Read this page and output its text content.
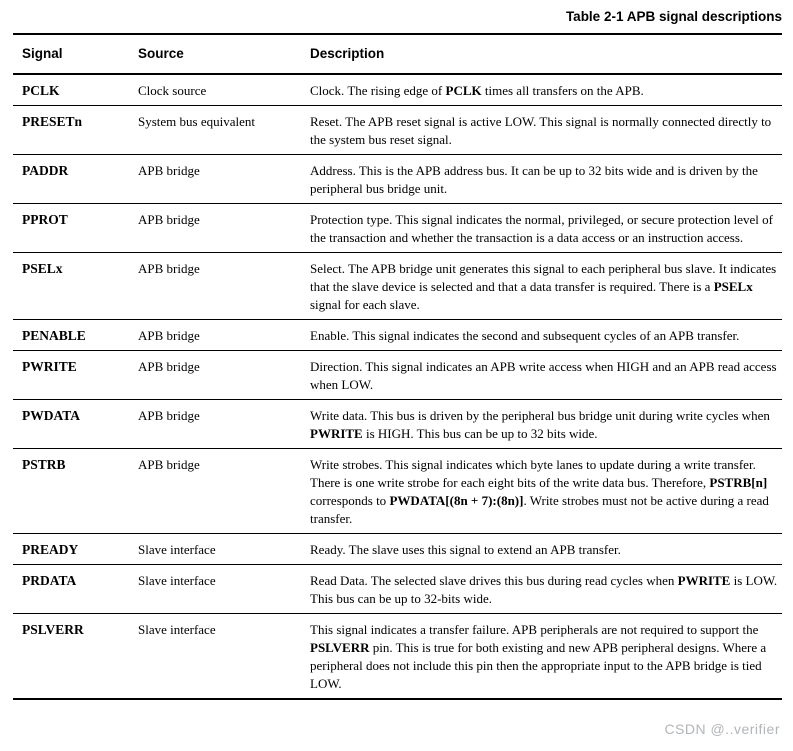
Table 2-1 APB signal descriptions
Signal	Source	Description
PCLK	Clock source	Clock. The rising edge of PCLK times all transfers on the APB.
PRESETn	System bus equivalent	Reset. The APB reset signal is active LOW. This signal is normally connected directly to the system bus reset signal.
PADDR	APB bridge	Address. This is the APB address bus. It can be up to 32 bits wide and is driven by the peripheral bus bridge unit.
PPROT	APB bridge	Protection type. This signal indicates the normal, privileged, or secure protection level of the transaction and whether the transaction is a data access or an instruction access.
PSELx	APB bridge	Select. The APB bridge unit generates this signal to each peripheral bus slave. It indicates that the slave device is selected and that a data transfer is required. There is a PSELx signal for each slave.
PENABLE	APB bridge	Enable. This signal indicates the second and subsequent cycles of an APB transfer.
PWRITE	APB bridge	Direction. This signal indicates an APB write access when HIGH and an APB read access when LOW.
PWDATA	APB bridge	Write data. This bus is driven by the peripheral bus bridge unit during write cycles when PWRITE is HIGH. This bus can be up to 32 bits wide.
PSTRB	APB bridge	Write strobes. This signal indicates which byte lanes to update during a write transfer. There is one write strobe for each eight bits of the write data bus. Therefore, PSTRB[n] corresponds to PWDATA[(8n + 7):(8n)]. Write strobes must not be active during a read transfer.
PREADY	Slave interface	Ready. The slave uses this signal to extend an APB transfer.
PRDATA	Slave interface	Read Data. The selected slave drives this bus during read cycles when PWRITE is LOW. This bus can be up to 32-bits wide.
PSLVERR	Slave interface	This signal indicates a transfer failure. APB peripherals are not required to support the PSLVERR pin. This is true for both existing and new APB peripheral designs. Where a peripheral does not include this pin then the appropriate input to the APB bridge is tied LOW.
CSDN @..verifier
